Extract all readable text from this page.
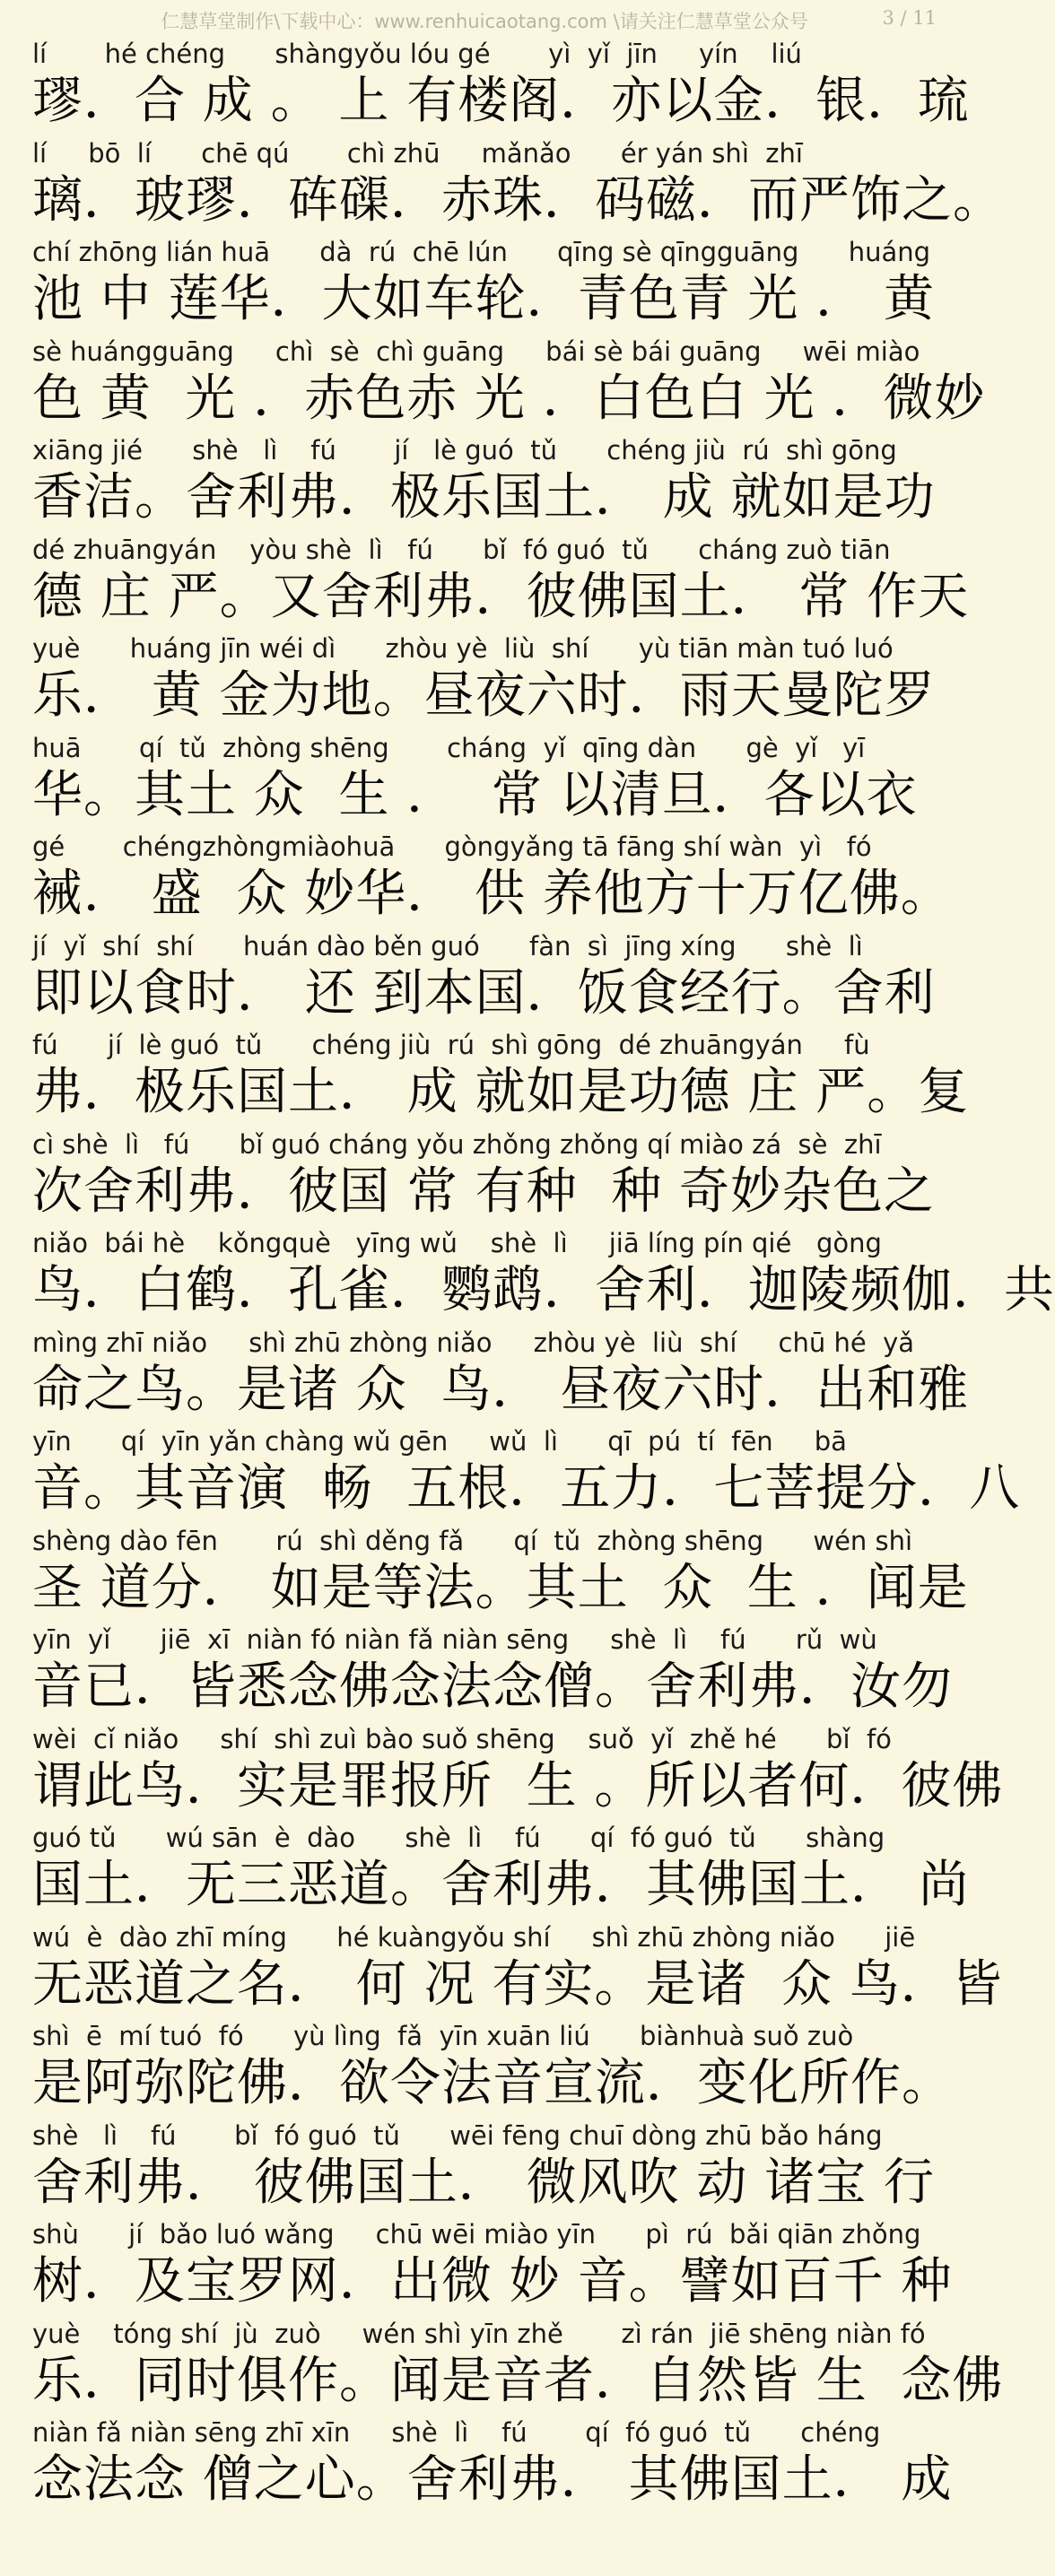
仁慧草堂制作\下载中心：www.renhuicaotang.com \请关注仁慧草堂公众号	3 / 11
lí       hé chéng      shàngyǒu lóu gé       yì  yǐ  jīn     yín    liú
璆．合 成 。 上 有楼阁．亦以金．银．琉
lí     bō  lí      chē qú       chì zhū     mǎnǎo      ér yán shì  zhī
璃．玻璆．砗磲．赤珠．码磁．而严饰之。
chí zhōng lián huā      dà  rú  chē lún      qīng sè qīngguāng      huáng
池 中 莲华．大如车轮．青色青 光 ． 黄
sè huángguāng     chì  sè  chì guāng     bái sè bái guāng     wēi miào
色 黄  光 ．赤色赤 光 ．白色白 光 ．微妙
xiāng jié      shè   lì    fú       jí   lè guó  tǔ      chéng jiù  rú  shì gōng
香洁。舍利弗．极乐国土． 成 就如是功
dé zhuāngyán    yòu shè  lì   fú      bǐ  fó guó  tǔ      cháng zuò tiān
德 庄 严。又舍利弗．彼佛国土． 常 作天
yuè      huáng jīn wéi dì      zhòu yè  liù  shí      yù tiān màn tuó luó
乐． 黄 金为地。昼夜六时．雨天曼陀罗
huā       qí  tǔ  zhòng shēng       cháng  yǐ  qīng dàn      gè  yǐ   yī
华。其土 众  生 ．  常 以清旦．各以衣
gé       chéngzhòngmiàohuā      gòngyǎng tā fāng shí wàn  yì   fó
裓． 盛  众 妙华． 供 养他方十万亿佛。
jí  yǐ  shí  shí      huán dào běn guó      fàn  sì  jīng xíng      shè  lì
即以食时． 还 到本国．饭食经行。舍利
fú      jí  lè guó  tǔ      chéng jiù  rú  shì gōng  dé zhuāngyán     fù
弗．极乐国土． 成 就如是功德 庄 严。复
cì shè  lì   fú      bǐ guó cháng yǒu zhǒng zhǒng qí miào zá  sè  zhī
次舍利弗．彼国 常 有种  种 奇妙杂色之
niǎo  bái hè    kǒngquè   yīng wǔ    shè  lì     jiā líng pín qié   gòng
鸟．白鹤．孔雀．鹦鹉．舍利．迦陵频伽．共
mìng zhī niǎo     shì zhū zhòng niǎo     zhòu yè  liù  shí     chū hé  yǎ
命之鸟。是诸 众  鸟． 昼夜六时．出和雅
yīn      qí  yīn yǎn chàng wǔ gēn     wǔ  lì      qī  pú  tí  fēn     bā
音。其音演  畅  五根．五力．七菩提分．八
shèng dào fēn       rú  shì děng fǎ      qí  tǔ  zhòng shēng      wén shì
圣 道分． 如是等法。其土  众  生 ．闻是
yīn  yǐ      jiē  xī  niàn fó niàn fǎ niàn sēng     shè  lì    fú      rǔ  wù
音已．皆悉念佛念法念僧。舍利弗．汝勿
wèi  cǐ niǎo     shí  shì zuì bào suǒ shēng    suǒ  yǐ  zhě hé      bǐ  fó
谓此鸟．实是罪报所  生 。所以者何．彼佛
guó tǔ      wú sān  è  dào      shè  lì    fú      qí  fó guó  tǔ      shàng
国土．无三恶道。舍利弗．其佛国土． 尚
wú  è  dào zhī míng      hé kuàngyǒu shí     shì zhū zhòng niǎo      jiē
无恶道之名． 何 况 有实。是诸  众 鸟．皆
shì  ē  mí tuó  fó      yù lìng  fǎ  yīn xuān liú      biànhuà suǒ zuò
是阿弥陀佛．欲令法音宣流．变化所作。
shè   lì    fú       bǐ  fó guó  tǔ      wēi fēng chuī dòng zhū bǎo háng
舍利弗． 彼佛国土． 微风吹 动 诸宝 行
shù      jí  bǎo luó wǎng     chū wēi miào yīn      pì  rú  bǎi qiān zhǒng
树．及宝罗网．出微 妙 音。譬如百千 种
yuè    tóng shí  jù  zuò     wén shì yīn zhě       zì rán  jiē shēng niàn fó
乐．同时俱作。闻是音者．自然皆 生  念佛
niàn fǎ niàn sēng zhī xīn     shè  lì    fú       qí  fó guó  tǔ      chéng
念法念 僧之心。舍利弗． 其佛国土． 成
